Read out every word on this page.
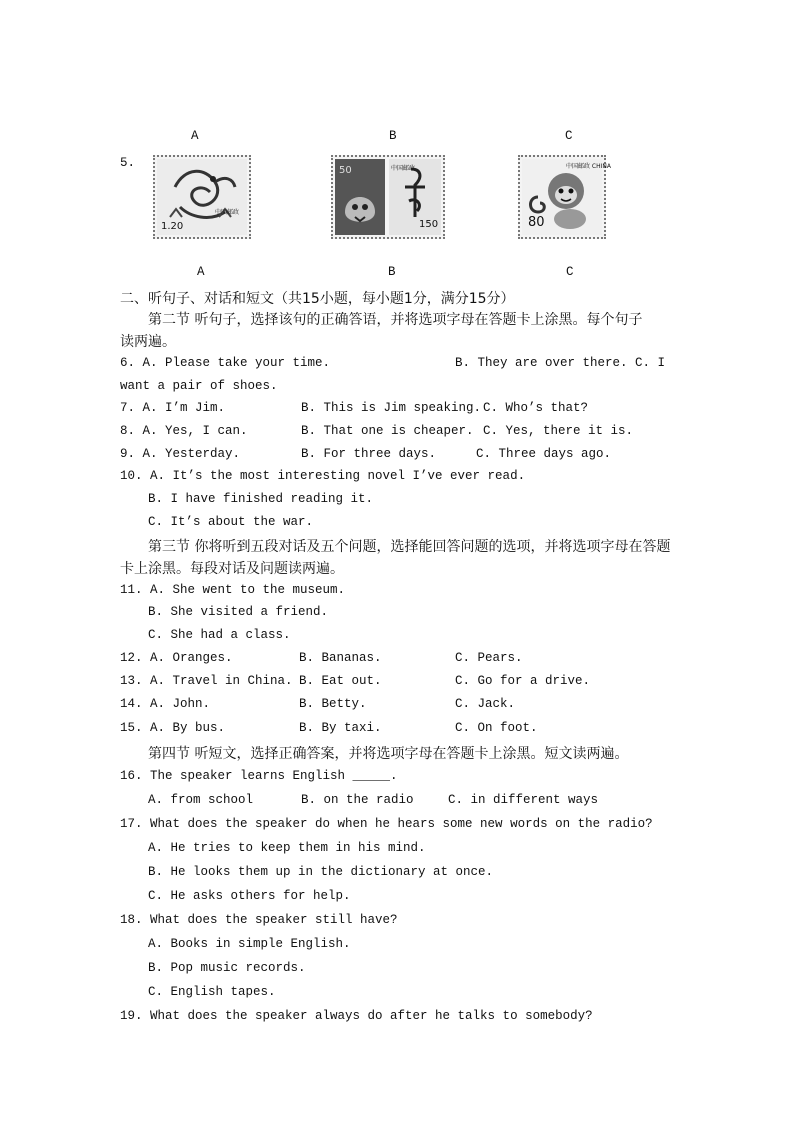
A	B	C
5.
1.20
中国邮政
50
150
中国邮政
80
中国邮政 CHINA
A	B	C
二、听句子、对话和短文（共15小题，每小题1分，满分15分）
第二节 听句子，选择该句的正确答语，并将选项字母在答题卡上涂黑。每个句子
读两遍。
6. A. Please take your time.	B. They are over there. C. I
want a pair of shoes.
7. A. I’m Jim.	B. This is Jim speaking. C. Who’s that?
8. A. Yes, I can.	B. That one is cheaper. C. Yes, there it is.
9. A. Yesterday.	B. For three days.	C. Three days ago.
10. A. It’s the most interesting novel I’ve ever read.
B. I have finished reading it.
C. It’s about the war.
第三节 你将听到五段对话及五个问题，选择能回答问题的选项，并将选项字母在答题
卡上涂黑。每段对话及问题读两遍。
11. A. She went to the museum.
B. She visited a friend.
C. She had a class.
12. A. Oranges.	B. Bananas.	C. Pears.
13. A. Travel in China. B. Eat out.	C. Go for a drive.
14. A. John.	B. Betty.	C. Jack.
15. A. By bus.	B. By taxi.	C. On foot.
第四节 听短文，选择正确答案，并将选项字母在答题卡上涂黑。短文读两遍。
16. The speaker learns English _____.
A. from school	B. on the radio	C. in different ways
17. What does the speaker do when he hears some new words on the radio?
A. He tries to keep them in his mind.
B. He looks them up in the dictionary at once.
C. He asks others for help.
18. What does the speaker still have?
A. Books in simple English.
B. Pop music records.
C. English tapes.
19. What does the speaker always do after he talks to somebody?
